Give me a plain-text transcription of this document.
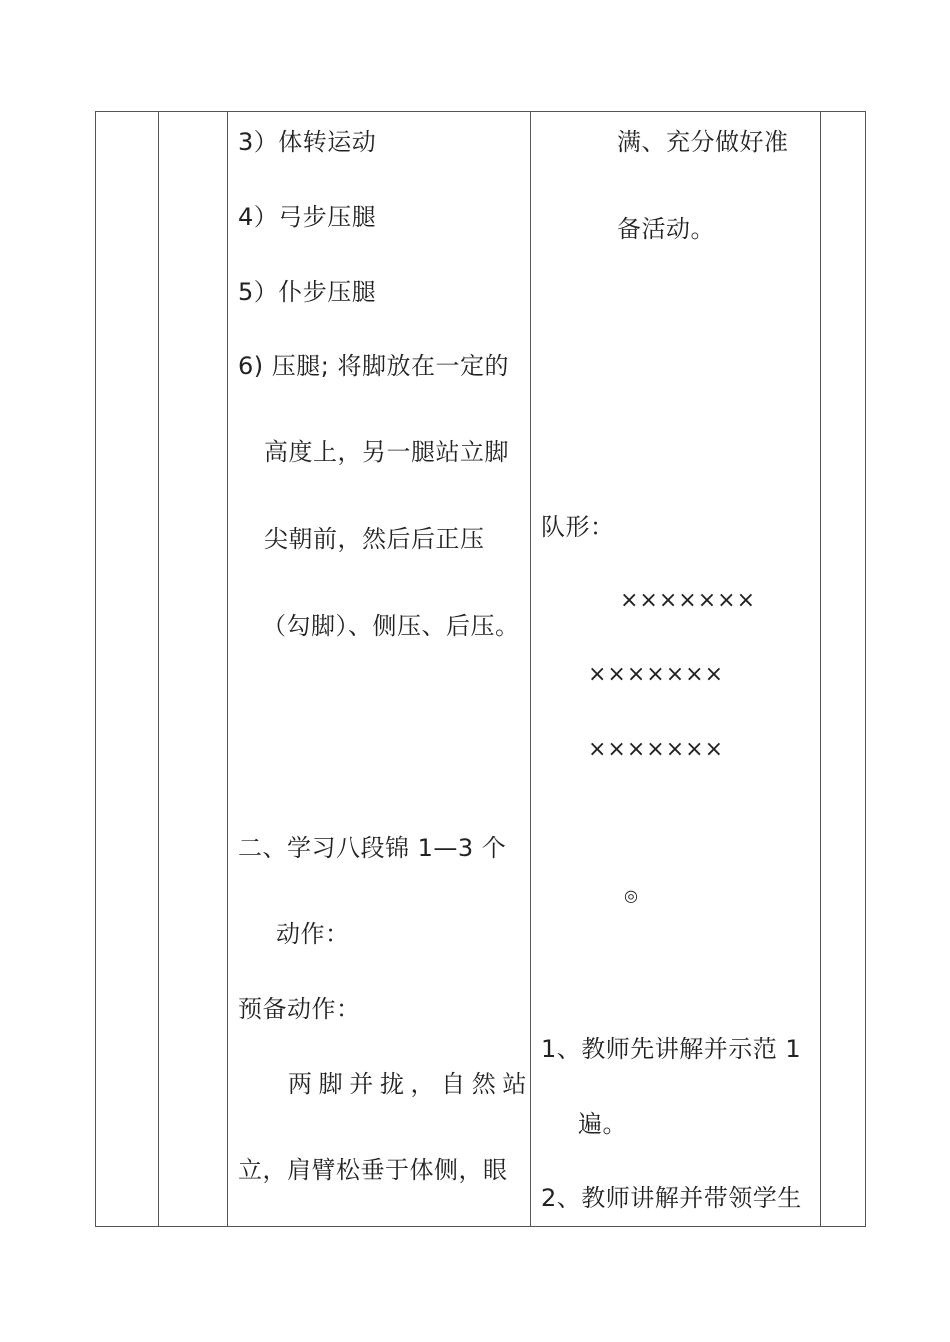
3）体转运动
4）弓步压腿
5）仆步压腿
6) 压腿; 将脚放在一定的
高度上，另一腿站立脚
尖朝前，然后后正压
（勾脚）、侧压、后压。
二、学习八段锦 1—3 个
动作：
预备动作：
两 脚 并 拢 ， 自 然 站
立，肩臂松垂于体侧，眼
满、充分做好准
备活动。
队形：
×××××××
×××××××
×××××××
◎
1、教师先讲解并示范 1
遍。
2、教师讲解并带领学生
